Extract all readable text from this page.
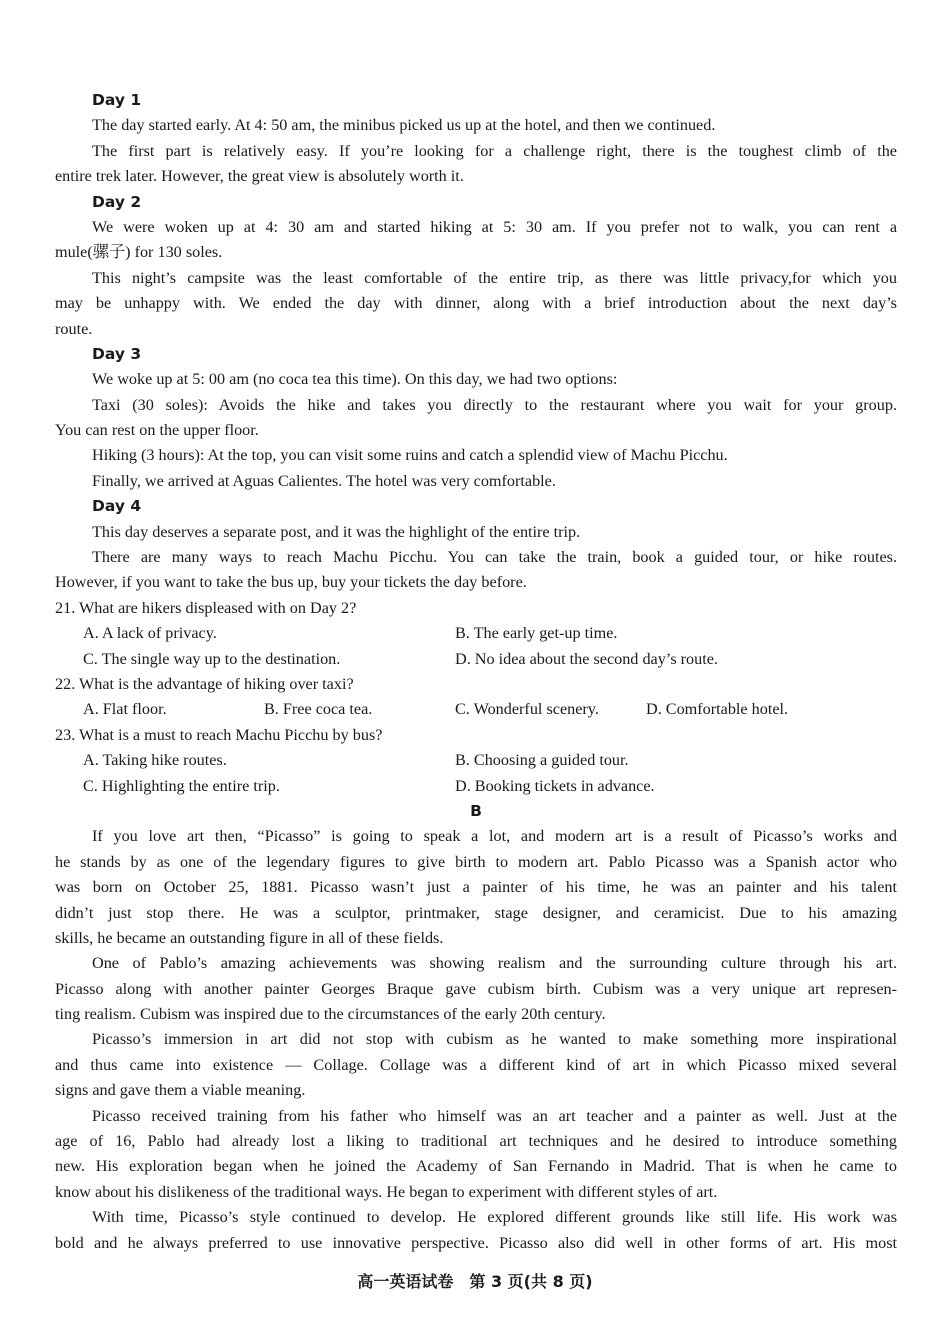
Day 1
The day started early. At 4: 50 am, the minibus picked us up at the hotel, and then we continued.
The first part is relatively easy. If you’re looking for a challenge right, there is the toughest climb of the
entire trek later. However, the great view is absolutely worth it.
Day 2
We were woken up at 4: 30 am and started hiking at 5: 30 am. If you prefer not to walk, you can rent a
mule(骡子) for 130 soles.
This night’s campsite was the least comfortable of the entire trip, as there was little privacy,for which you
may be unhappy with. We ended the day with dinner, along with a brief introduction about the next day’s
route.
Day 3
We woke up at 5: 00 am (no coca tea this time). On this day, we had two options:
Taxi (30 soles): Avoids the hike and takes you directly to the restaurant where you wait for your group.
You can rest on the upper floor.
Hiking (3 hours): At the top, you can visit some ruins and catch a splendid view of Machu Picchu.
Finally, we arrived at Aguas Calientes. The hotel was very comfortable.
Day 4
This day deserves a separate post, and it was the highlight of the entire trip.
There are many ways to reach Machu Picchu. You can take the train, book a guided tour, or hike routes.
However, if you want to take the bus up, buy your tickets the day before.
21. What are hikers displeased with on Day 2?
A. A lack of privacy.	B. The early get-up time.
C. The single way up to the destination.	D. No idea about the second day’s route.
22. What is the advantage of hiking over taxi?
A. Flat floor.	B. Free coca tea.	C. Wonderful scenery.	D. Comfortable hotel.
23. What is a must to reach Machu Picchu by bus?
A. Taking hike routes.	B. Choosing a guided tour.
C. Highlighting the entire trip.	D. Booking tickets in advance.
B
If you love art then, “Picasso” is going to speak a lot, and modern art is a result of Picasso’s works and
he stands by as one of the legendary figures to give birth to modern art. Pablo Picasso was a Spanish actor who
was born on October 25, 1881. Picasso wasn’t just a painter of his time, he was an painter and his talent
didn’t just stop there. He was a sculptor, printmaker, stage designer, and ceramicist. Due to his amazing
skills, he became an outstanding figure in all of these fields.
One of Pablo’s amazing achievements was showing realism and the surrounding culture through his art.
Picasso along with another painter Georges Braque gave cubism birth. Cubism was a very unique art represen-
ting realism. Cubism was inspired due to the circumstances of the early 20th century.
Picasso’s immersion in art did not stop with cubism as he wanted to make something more inspirational
and thus came into existence — Collage. Collage was a different kind of art in which Picasso mixed several
signs and gave them a viable meaning.
Picasso received training from his father who himself was an art teacher and a painter as well. Just at the
age of 16, Pablo had already lost a liking to traditional art techniques and he desired to introduce something
new. His exploration began when he joined the Academy of San Fernando in Madrid. That is when he came to
know about his dislikeness of the traditional ways. He began to experiment with different styles of art.
With time, Picasso’s style continued to develop. He explored different grounds like still life. His work was
bold and he always preferred to use innovative perspective. Picasso also did well in other forms of art. His most
高一英语试卷　第 3 页(共 8 页)
